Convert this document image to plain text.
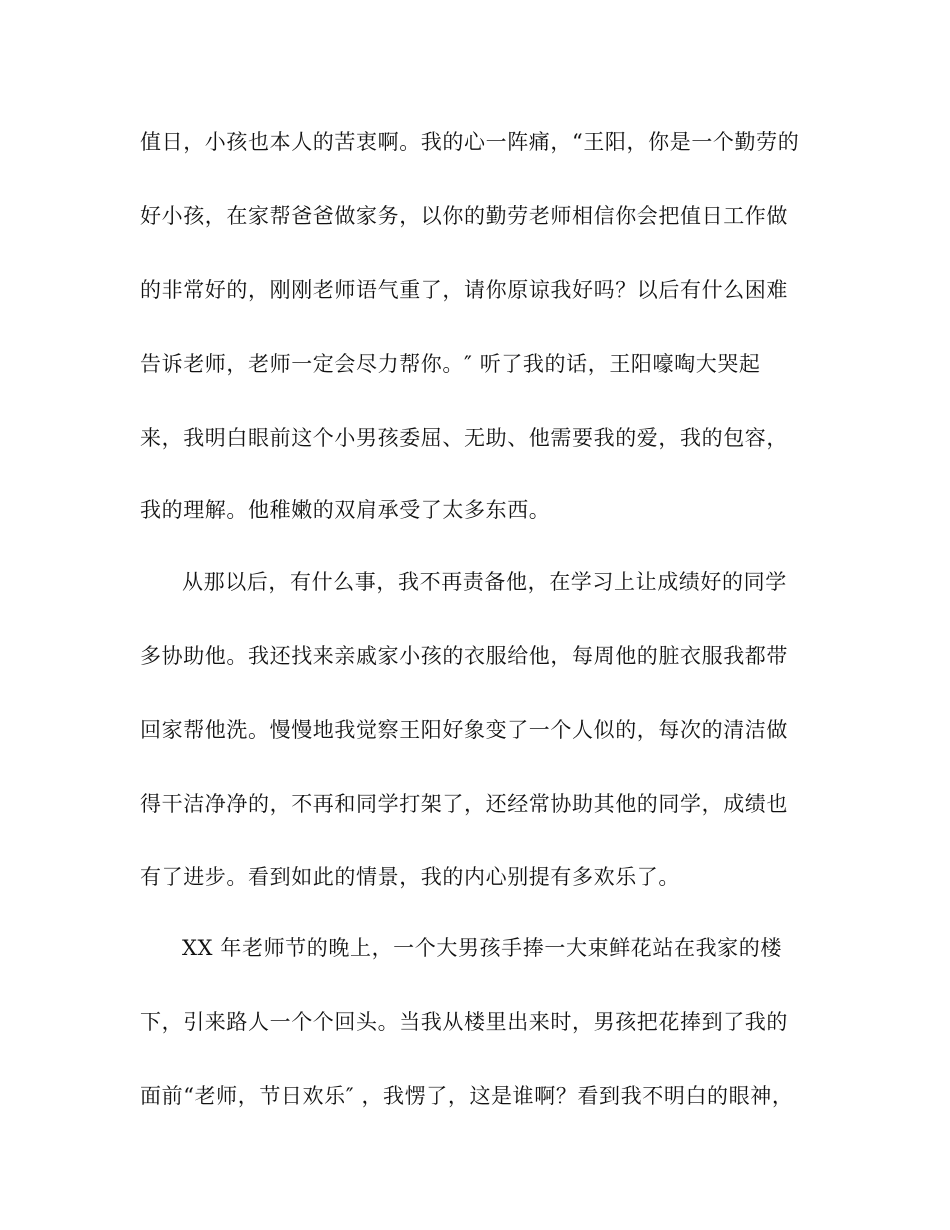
值日，小孩也本人的苦衷啊。我的心一阵痛，“王阳，你是一个勤劳的
好小孩，在家帮爸爸做家务，以你的勤劳老师相信你会把值日工作做
的非常好的，刚刚老师语气重了，请你原谅我好吗？以后有什么困难
告诉老师，老师一定会尽力帮你。″ 听了我的话，王阳嚎啕大哭起
来，我明白眼前这个小男孩委屈、无助、他需要我的爱，我的包容，
我的理解。他稚嫩的双肩承受了太多东西。
从那以后，有什么事，我不再责备他，在学习上让成绩好的同学
多协助他。我还找来亲戚家小孩的衣服给他，每周他的脏衣服我都带
回家帮他洗。慢慢地我觉察王阳好象变了一个人似的，每次的清洁做
得干洁净净的，不再和同学打架了，还经常协助其他的同学，成绩也
有了进步。看到如此的情景，我的内心别提有多欢乐了。
XX 年老师节的晚上，一个大男孩手捧一大束鲜花站在我家的楼
下，引来路人一个个回头。当我从楼里出来时，男孩把花捧到了我的
面前“老师，节日欢乐″ ，我愣了，这是谁啊？看到我不明白的眼神，
